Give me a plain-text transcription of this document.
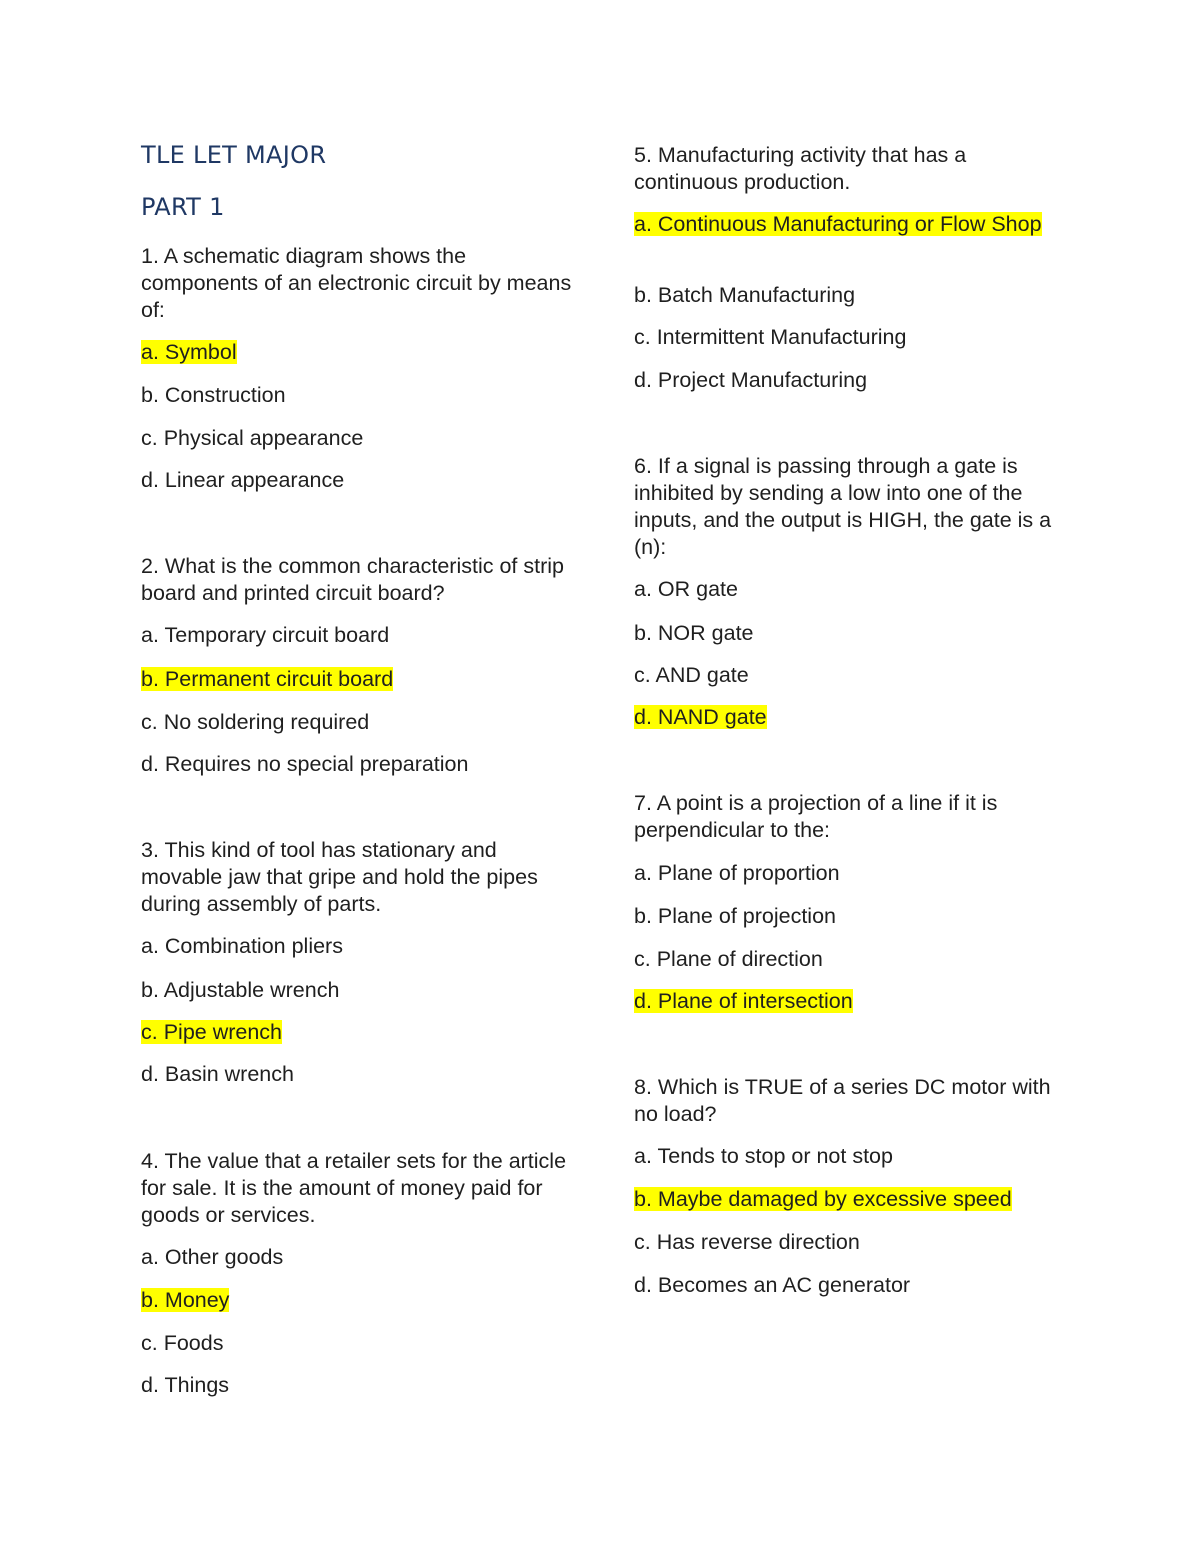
TLE LET MAJOR
PART 1

1. A schematic diagram shows the components of an electronic circuit by means of:

a. Symbol

b. Construction

c. Physical appearance

d. Linear appearance

2. What is the common characteristic of strip board and printed circuit board?

a. Temporary circuit board

b. Permanent circuit board

c. No soldering required

d. Requires no special preparation

3. This kind of tool has stationary and movable jaw that gripe and hold the pipes during assembly of parts.

a. Combination pliers

b. Adjustable wrench

c. Pipe wrench

d. Basin wrench

4. The value that a retailer sets for the article for sale. It is the amount of money paid for goods or services.

a. Other goods

b. Money

c. Foods

d. Things

5. Manufacturing activity that has a continuous production.

a. Continuous Manufacturing or Flow Shop

b. Batch Manufacturing

c. Intermittent Manufacturing

d. Project Manufacturing

6. If a signal is passing through a gate is inhibited by sending a low into one of the inputs, and the output is HIGH, the gate is a (n):

a. OR gate

b. NOR gate

c. AND gate

d. NAND gate

7. A point is a projection of a line if it is perpendicular to the:

a. Plane of proportion

b. Plane of projection

c. Plane of direction

d. Plane of intersection

8. Which is TRUE of a series DC motor with no load?

a. Tends to stop or not stop

b. Maybe damaged by excessive speed

c. Has reverse direction

d. Becomes an AC generator
